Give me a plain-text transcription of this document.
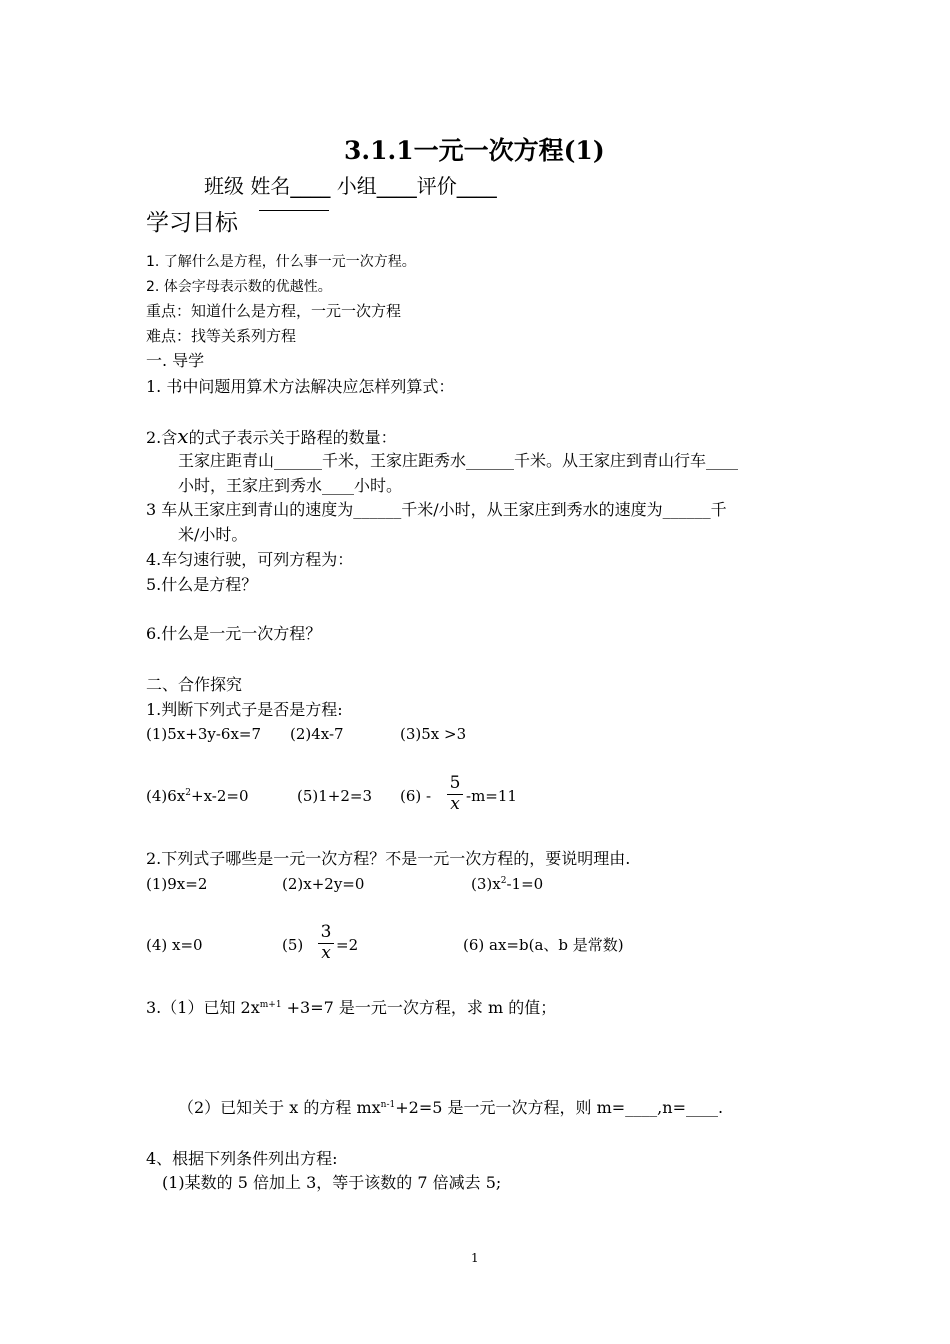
3.1.1一元一次方程(1)
班级 姓名____ 小组____评价____
学习目标
1. 了解什么是方程，什么事一元一次方程。
2. 体会字母表示数的优越性。
重点：知道什么是方程，一元一次方程
难点：找等关系列方程
一. 导学
1. 书中问题用算术方法解决应怎样列算式：
2.含x的式子表示关于路程的数量：
王家庄距青山______千米，王家庄距秀水______千米。从王家庄到青山行车____
小时，王家庄到秀水____小时。
3 车从王家庄到青山的速度为______千米/小时，从王家庄到秀水的速度为______千
米/小时。
4.车匀速行驶，可列方程为：
5.什么是方程？
6.什么是一元一次方程？
二、合作探究
1.判断下列式子是否是方程:
(1)5x+3y-6x=7 (2)4x-7	(3)5x >3
$(4)6x^2+x-2=0$	(5)1+2=3 (6) -
5
x -m=11
2.下列式子哪些是一元一次方程？不是一元一次方程的，要说明理由.
(1)9x=2	(2)x+2y=0	$(3)x^2-1=0$
(4) x=0	(5)
3
x =2	(6) ax=b(a、b 是常数)
3.（1）已知 $2x^{m+1} +3=7$ 是一元一次方程，求 m 的值；
（2）已知关于 x 的方程 $mx^{n-1}+2=5$ 是一元一次方程，则 m=____,n=____.
4、根据下列条件列出方程:
(1)某数的 5 倍加上 3，等于该数的 7 倍减去 5;
1
